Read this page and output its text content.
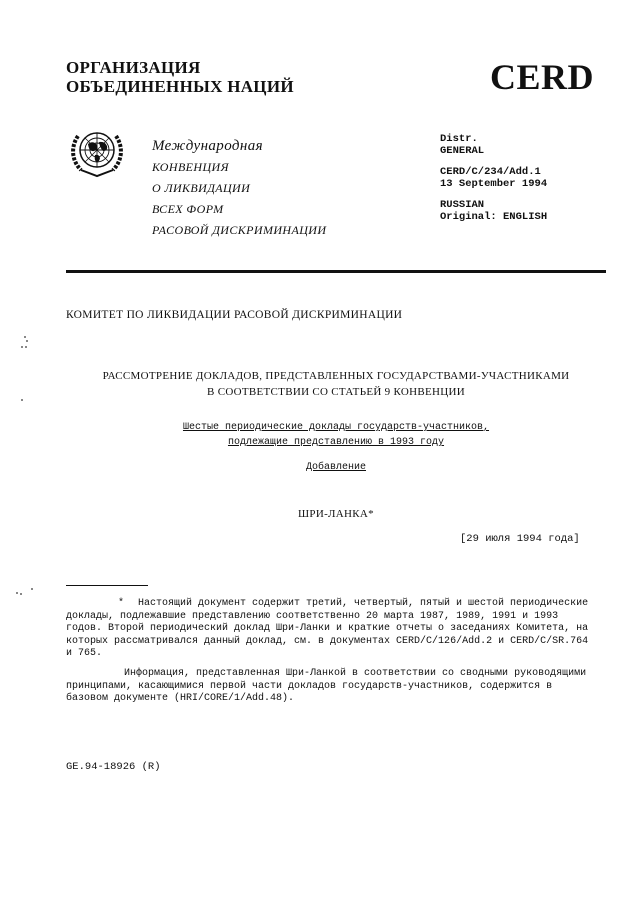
ОРГАНИЗАЦИЯ
ОБЪЕДИНЕННЫХ НАЦИЙ	CERD
Международная
КОНВЕНЦИЯ
О ЛИКВИДАЦИИ
ВСЕХ ФОРМ
РАСОВОЙ ДИСКРИМИНАЦИИ
Distr.
GENERAL
CERD/C/234/Add.1
13 September 1994
RUSSIAN
Original: ENGLISH
КОМИТЕТ ПО ЛИКВИДАЦИИ РАСОВОЙ ДИСКРИМИНАЦИИ
РАССМОТРЕНИЕ ДОКЛАДОВ, ПРЕДСТАВЛЕННЫХ ГОСУДАРСТВАМИ-УЧАСТНИКАМИ
В СООТВЕТСТВИИ СО СТАТЬЕЙ 9 КОНВЕНЦИИ
Шестые периодические доклады государств-участников,
подлежащие представлению в 1993 году
Добавление
ШРИ-ЛАНКА*
[29 июля 1994 года]
* Настоящий документ содержит третий, четвертый, пятый и шестой периодические доклады, подлежавшие представлению соответственно 20 марта 1987, 1989, 1991 и 1993 годов. Второй периодический доклад Шри-Ланки и краткие отчеты о заседаниях Комитета, на которых рассматривался данный доклад, см. в документах CERD/C/126/Add.2 и CERD/C/SR.764 и 765.
Информация, представленная Шри-Ланкой в соответствии со сводными руководящими принципами, касающимися первой части докладов государств-участников, содержится в базовом документе (HRI/CORE/1/Add.48).
GE.94-18926 (R)
